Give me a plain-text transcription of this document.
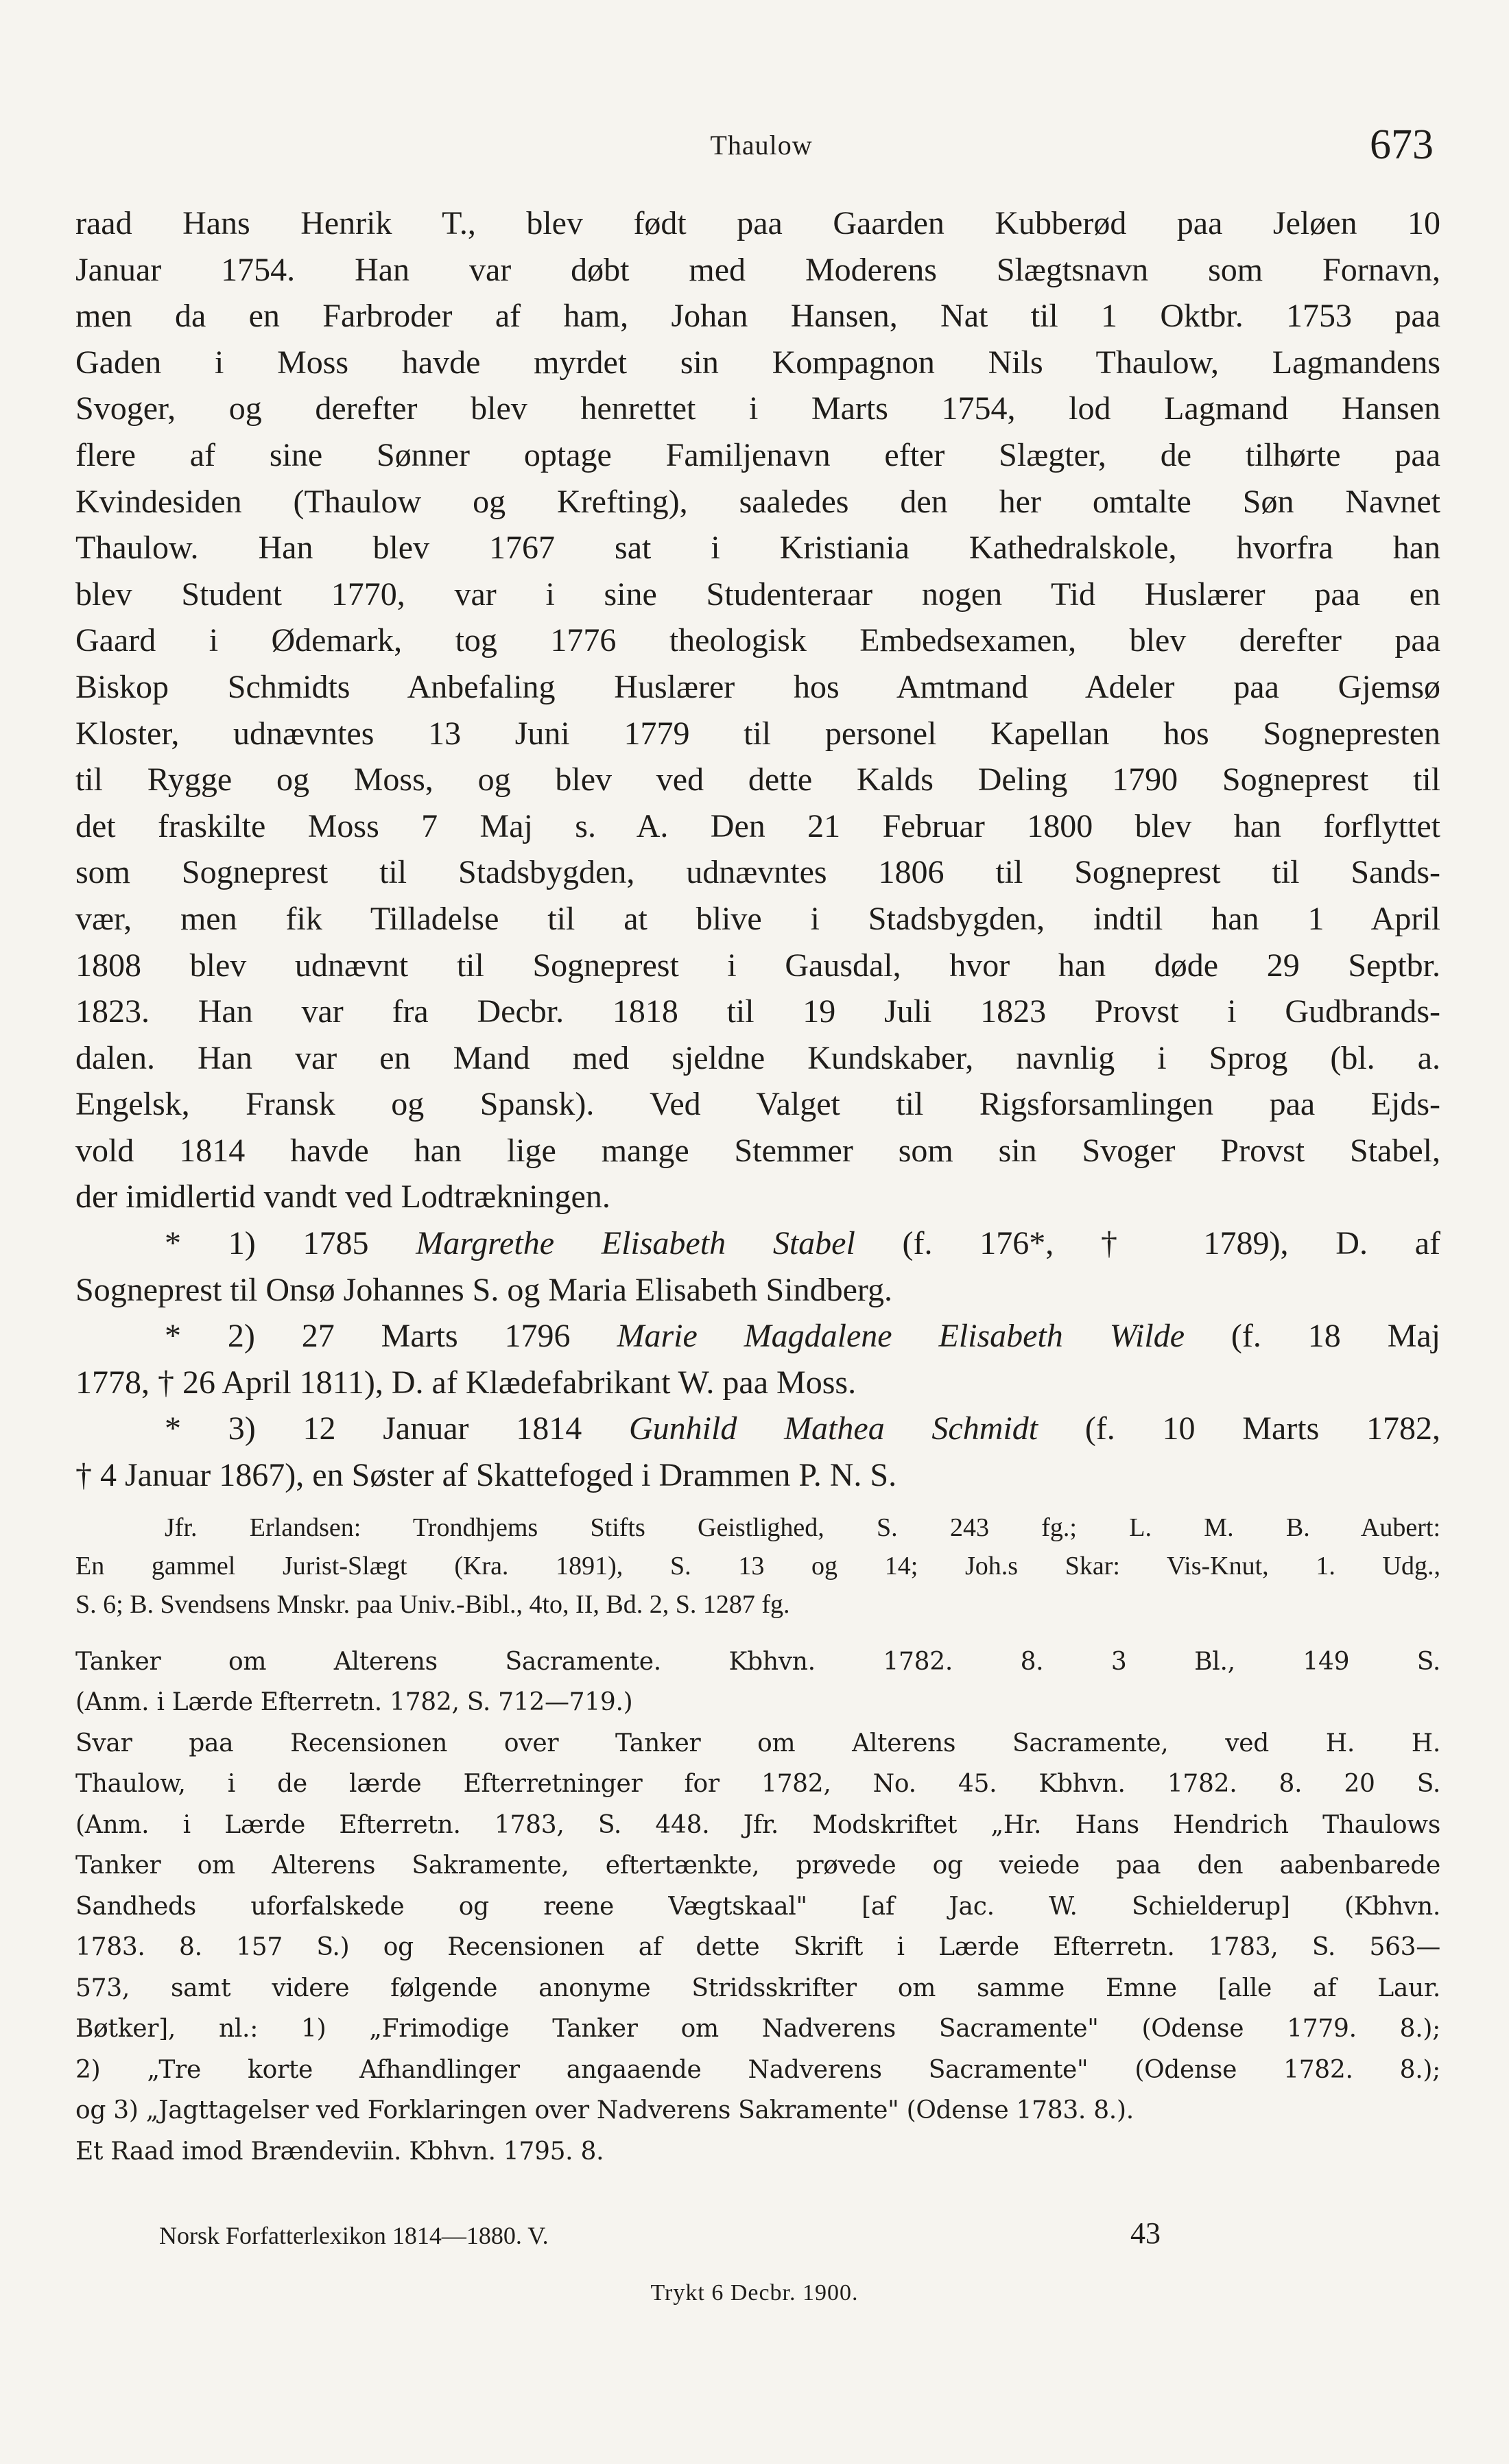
Thaulow	673
raad Hans Henrik T., blev født paa Gaarden Kubberød paa Jeløen 10
Januar 1754. Han var døbt med Moderens Slægtsnavn som Fornavn,
men da en Farbroder af ham, Johan Hansen, Nat til 1 Oktbr. 1753 paa
Gaden i Moss havde myrdet sin Kompagnon Nils Thaulow, Lagmandens
Svoger, og derefter blev henrettet i Marts 1754, lod Lagmand Hansen
flere af sine Sønner optage Familjenavn efter Slægter, de tilhørte paa
Kvindesiden (Thaulow og Krefting), saaledes den her omtalte Søn Navnet
Thaulow. Han blev 1767 sat i Kristiania Kathedralskole, hvorfra han
blev Student 1770, var i sine Studenteraar nogen Tid Huslærer paa en
Gaard i Ødemark, tog 1776 theologisk Embedsexamen, blev derefter paa
Biskop Schmidts Anbefaling Huslærer hos Amtmand Adeler paa Gjemsø
Kloster, udnævntes 13 Juni 1779 til personel Kapellan hos Sognepresten
til Rygge og Moss, og blev ved dette Kalds Deling 1790 Sogneprest til
det fraskilte Moss 7 Maj s. A. Den 21 Februar 1800 blev han forflyttet
som Sogneprest til Stadsbygden, udnævntes 1806 til Sogneprest til Sands-
vær, men fik Tilladelse til at blive i Stadsbygden, indtil han 1 April
1808 blev udnævnt til Sogneprest i Gausdal, hvor han døde 29 Septbr.
1823. Han var fra Decbr. 1818 til 19 Juli 1823 Provst i Gudbrands-
dalen. Han var en Mand med sjeldne Kundskaber, navnlig i Sprog (bl. a.
Engelsk, Fransk og Spansk). Ved Valget til Rigsforsamlingen paa Ejds-
vold 1814 havde han lige mange Stemmer som sin Svoger Provst Stabel,
der imidlertid vandt ved Lodtrækningen.
* 1) 1785 Margrethe Elisabeth Stabel (f. 176*, † 1789), D. af
Sogneprest til Onsø Johannes S. og Maria Elisabeth Sindberg.
* 2) 27 Marts 1796 Marie Magdalene Elisabeth Wilde (f. 18 Maj
1778, † 26 April 1811), D. af Klædefabrikant W. paa Moss.
* 3) 12 Januar 1814 Gunhild Mathea Schmidt (f. 10 Marts 1782,
† 4 Januar 1867), en Søster af Skattefoged i Drammen P. N. S.
Jfr. Erlandsen: Trondhjems Stifts Geistlighed, S. 243 fg.; L. M. B. Aubert:
En gammel Jurist-Slægt (Kra. 1891), S. 13 og 14; Joh.s Skar: Vis-Knut, 1. Udg.,
S. 6; B. Svendsens Mnskr. paa Univ.-Bibl., 4to, II, Bd. 2, S. 1287 fg.
Tanker om Alterens Sacramente. Kbhvn. 1782. 8. 3 Bl., 149 S.
(Anm. i Lærde Efterretn. 1782, S. 712—719.)
Svar paa Recensionen over Tanker om Alterens Sacramente, ved H. H.
Thaulow, i de lærde Efterretninger for 1782, No. 45. Kbhvn. 1782. 8. 20 S.
(Anm. i Lærde Efterretn. 1783, S. 448. Jfr. Modskriftet „Hr. Hans Hendrich Thaulows
Tanker om Alterens Sakramente, eftertænkte, prøvede og veiede paa den aabenbarede
Sandheds uforfalskede og reene Vægtskaal" [af Jac. W. Schielderup] (Kbhvn.
1783. 8. 157 S.) og Recensionen af dette Skrift i Lærde Efterretn. 1783, S. 563—
573, samt videre følgende anonyme Stridsskrifter om samme Emne [alle af Laur.
Bøtker], nl.: 1) „Frimodige Tanker om Nadverens Sacramente" (Odense 1779. 8.);
2) „Tre korte Afhandlinger angaaende Nadverens Sacramente" (Odense 1782. 8.);
og 3) „Jagttagelser ved Forklaringen over Nadverens Sakramente" (Odense 1783. 8.).
Et Raad imod Brændeviin. Kbhvn. 1795. 8.
Norsk Forfatterlexikon 1814—1880. V.	43
Trykt 6 Decbr. 1900.
